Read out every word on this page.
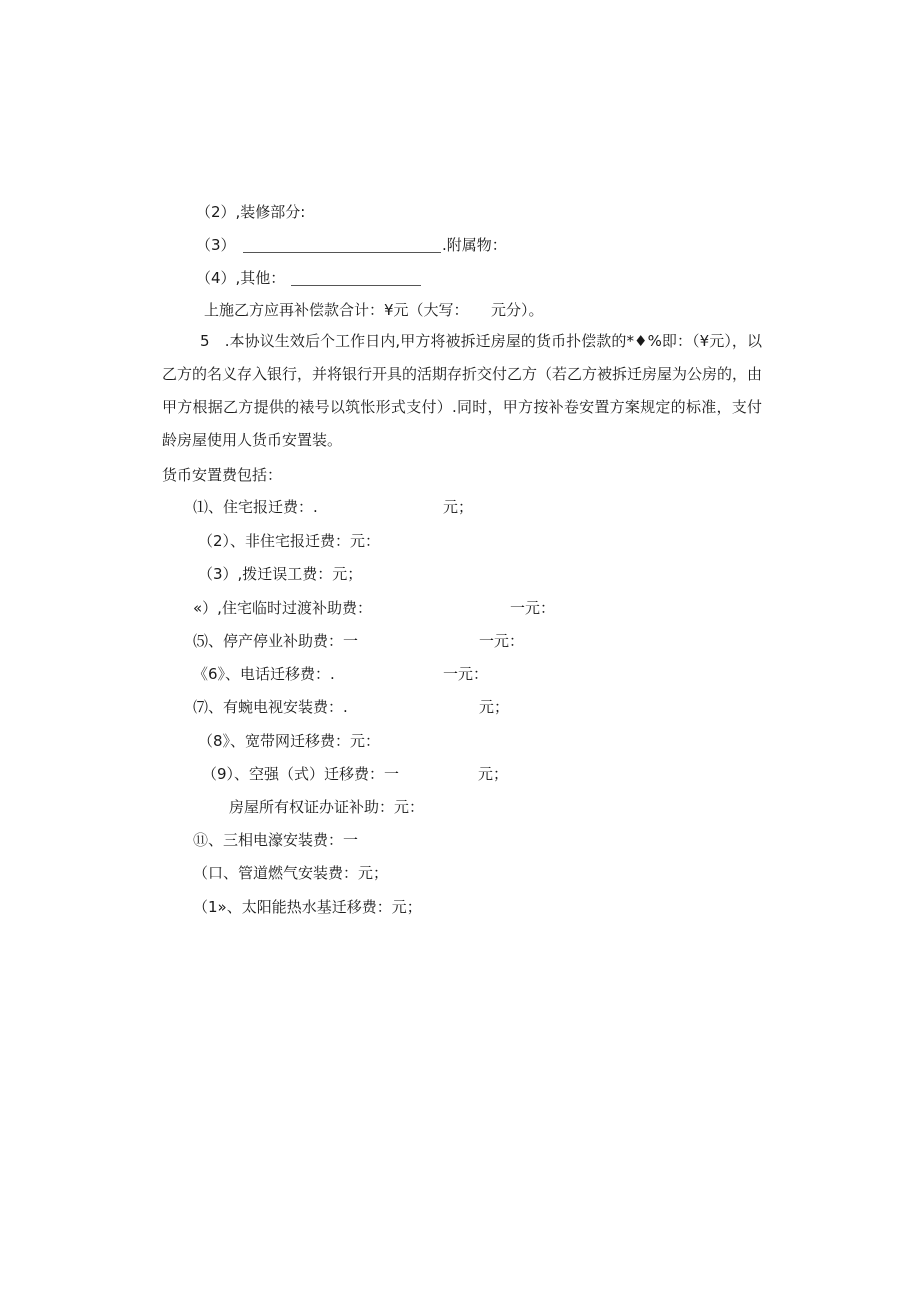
（2）,装修部分:
（3）	.附属物：
（4）,其他：
上施乙方应再补偿款合计：¥元（大写：　　元分）。
5　.本协议生效后个工作日内,甲方将被拆迁房屋的货币扑偿款的*♦%即：（¥元），以乙方的名义存入银行，并将银行开具的活期存折交付乙方（若乙方被拆迁房屋为公房的，由甲方根据乙方提供的裱号以筑怅形式支付）.同时，甲方按补卷安置方案规定的标准，支付龄房屋使用人货币安置装。
货币安置费包括：
⑴、住宅报迁费：.	元；
（2）、非住宅报迁费：元：
（3）,拨迁误工费：元；
«）,住宅临时过渡补助费：	一元：
⑸、停产停业补助费：一	一元：
《6》、电话迁移费：.	一元：
⑺、有蜿电视安装费：.	元；
（8》、宽带网迁移费：元：
（9）、空强（式）迁移费：一	元；
房屋所有权证办证补助：元：
⑪、三相电濠安装费：一
（口、管道燃气安装费：元；
（1»、太阳能热水基迁移费：元；
